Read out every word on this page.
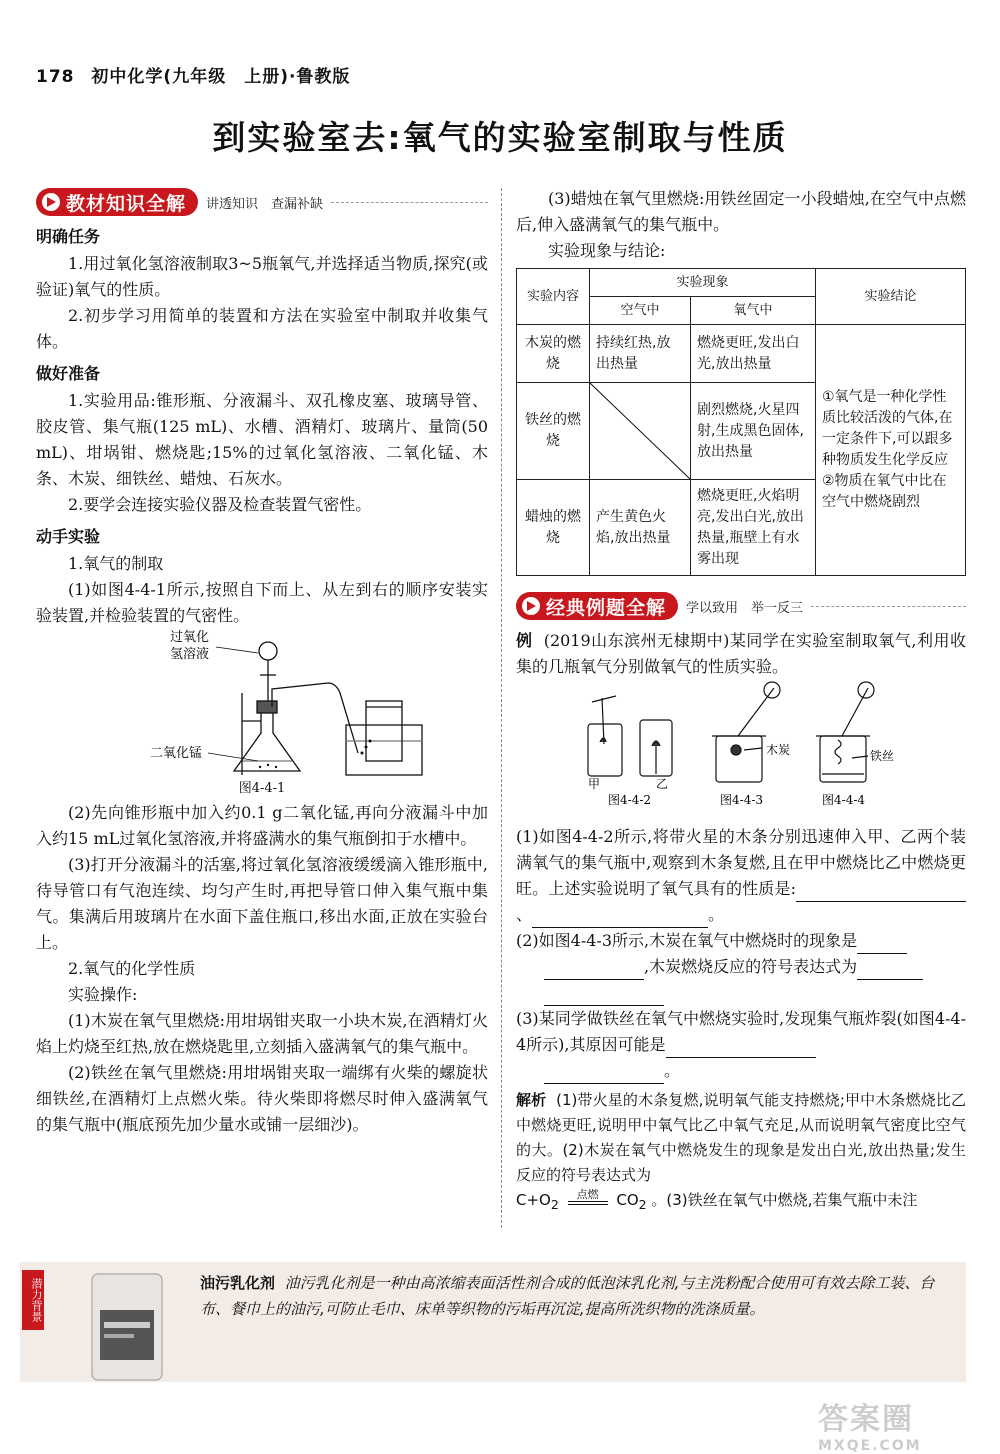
178 初中化学(九年级　上册)·鲁教版
到实验室去:氧气的实验室制取与性质
教材知识全解 讲透知识　查漏补缺
明确任务

1.用过氧化氢溶液制取3~5瓶氧气,并选择适当物质,探究(或验证)氧气的性质。

2.初步学习用简单的装置和方法在实验室中制取并收集气体。

做好准备

1.实验用品:锥形瓶、分液漏斗、双孔橡皮塞、玻璃导管、胶皮管、集气瓶(125 mL)、水槽、酒精灯、玻璃片、量筒(50 mL)、坩埚钳、燃烧匙;15%的过氧化氢溶液、二氧化锰、木条、木炭、细铁丝、蜡烛、石灰水。

2.要学会连接实验仪器及检查装置气密性。

动手实验

1.氧气的制取

(1)如图4-4-1所示,按照自下而上、从左到右的顺序安装实验装置,并检验装置的气密性。

过氧化
氢溶液
二氧化锰
图4-4-1

(2)先向锥形瓶中加入约0.1 g二氧化锰,再向分液漏斗中加入约15 mL过氧化氢溶液,并将盛满水的集气瓶倒扣于水槽中。

(3)打开分液漏斗的活塞,将过氧化氢溶液缓缓滴入锥形瓶中,待导管口有气泡连续、均匀产生时,再把导管口伸入集气瓶中集气。集满后用玻璃片在水面下盖住瓶口,移出水面,正放在实验台上。

2.氧气的化学性质

实验操作:

(1)木炭在氧气里燃烧:用坩埚钳夹取一小块木炭,在酒精灯火焰上灼烧至红热,放在燃烧匙里,立刻插入盛满氧气的集气瓶中。

(2)铁丝在氧气里燃烧:用坩埚钳夹取一端绑有火柴的螺旋状细铁丝,在酒精灯上点燃火柴。待火柴即将燃尽时伸入盛满氧气的集气瓶中(瓶底预先加少量水或铺一层细沙)。

(3)蜡烛在氧气里燃烧:用铁丝固定一小段蜡烛,在空气中点燃后,伸入盛满氧气的集气瓶中。

实验现象与结论:

实验内容	实验现象		实验结论
	空气中	氧气中	
木炭的燃烧	持续红热,放出热量	燃烧更旺,发出白光,放出热量	①氧气是一种化学性质比较活泼的气体,在一定条件下,可以跟多种物质发生化学反应 ②物质在氧气中比在空气中燃烧剧烈
铁丝的燃烧		剧烈燃烧,火星四射,生成黑色固体,放出热量	
蜡烛的燃烧	产生黄色火焰,放出热量	燃烧更旺,火焰明亮,发出白光,放出热量,瓶壁上有水雾出现	
经典例题全解 学以致用　举一反三

例 (2019山东滨州无棣期中)某同学在实验室制取氧气,利用收集的几瓶氧气分别做氧气的性质实验。

甲	乙
木炭	铁丝
图4-4-2	图4-4-3	图4-4-4

(1)如图4-4-2所示,将带火星的木条分别迅速伸入甲、乙两个装满氧气的集气瓶中,观察到木条复燃,且在甲中燃烧比乙中燃烧更旺。上述实验说明了氧气具有的性质是:、	。

(2)如图4-4-3所示,木炭在氧气中燃烧时的现象是
,木炭燃烧反应的符号表达式为

(3)某同学做铁丝在氧气中燃烧实验时,发现集气瓶炸裂(如图4-4-4所示),其原因可能是
。

解析 (1)带火星的木条复燃,说明氧气能支持燃烧;甲中木条燃烧比乙中燃烧更旺,说明甲中氧气比乙中氧气充足,从而说明氧气密度比空气的大。(2)木炭在氧气中燃烧发生的现象是发出白光,放出热量;发生反应的符号表达式为
$C+O_2$
点燃	$CO_2$ 。(3)铁丝在氧气中燃烧,若集气瓶中未注
潜力背景	油污乳化剂 油污乳化剂是一种由高浓缩表面活性剂合成的低泡沫乳化剂,与主洗粉配合使用可有效去除工装、台布、餐巾上的油污,可防止毛巾、床单等织物的污垢再沉淀,提高所洗织物的洗涤质量。
答案圈
MXQE.COM
